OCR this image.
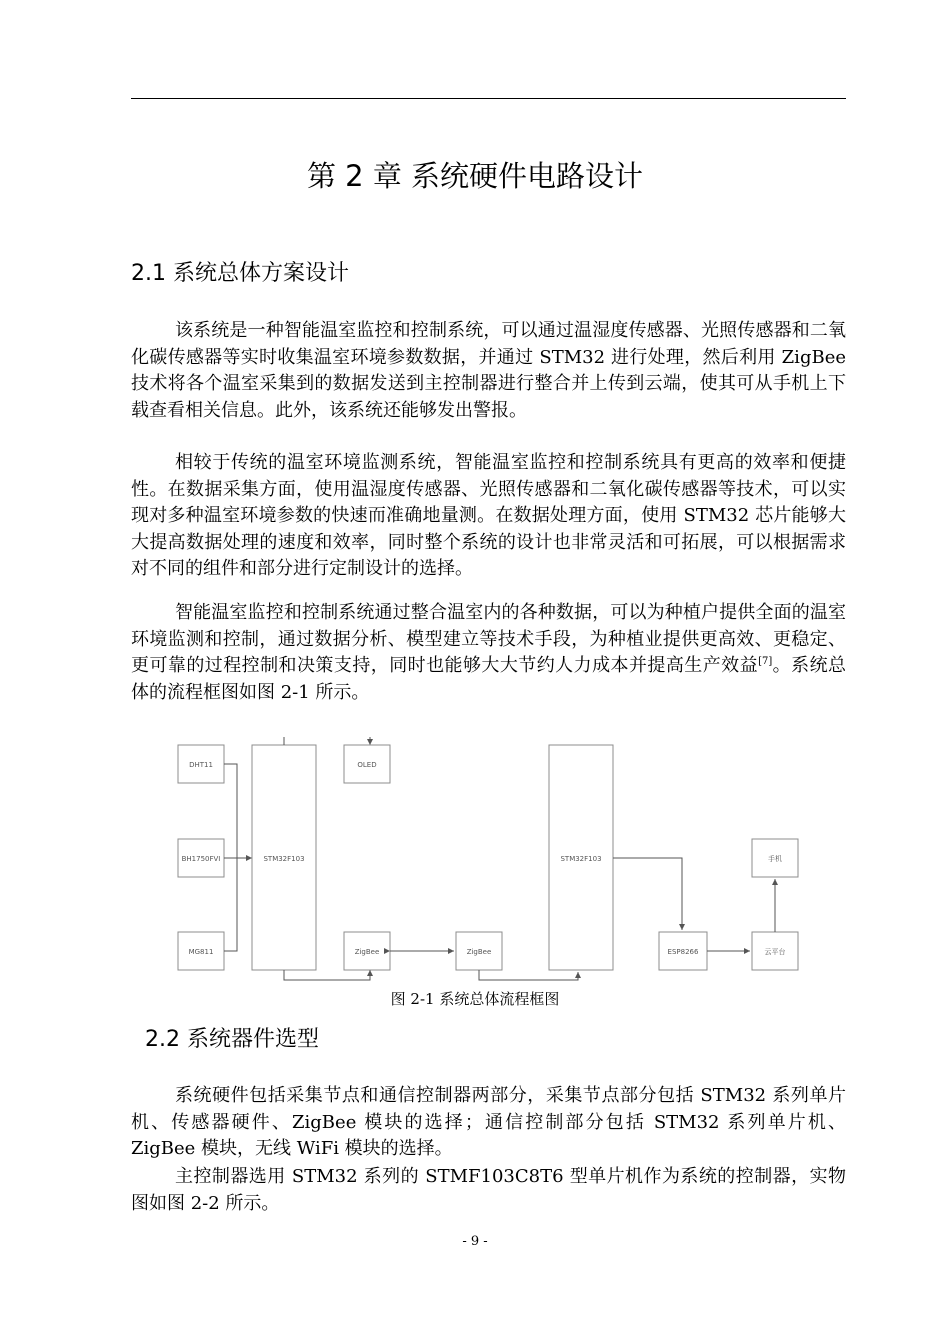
第 2 章 系统硬件电路设计
2.1 系统总体方案设计

该系统是一种智能温室监控和控制系统，可以通过温湿度传感器、光照传感器和二氧化碳传感器等实时收集温室环境参数数据，并通过 STM32 进行处理，然后利用 ZigBee 技术将各个温室采集到的数据发送到主控制器进行整合并上传到云端，使其可从手机上下载查看相关信息。此外，该系统还能够发出警报。

相较于传统的温室环境监测系统，智能温室监控和控制系统具有更高的效率和便捷性。在数据采集方面，使用温湿度传感器、光照传感器和二氧化碳传感器等技术，可以实现对多种温室环境参数的快速而准确地量测。在数据处理方面，使用 STM32 芯片能够大大提高数据处理的速度和效率，同时整个系统的设计也非常灵活和可拓展，可以根据需求对不同的组件和部分进行定制设计的选择。

智能温室监控和控制系统通过整合温室内的各种数据，可以为种植户提供全面的温室环境监测和控制，通过数据分析、模型建立等技术手段，为种植业提供更高效、更稳定、更可靠的过程控制和决策支持，同时也能够大大节约人力成本并提高生产效益[7]。系统总体的流程框图如图 2-1 所示。

DHT11
BH1750FVI
MG811
STM32F103
OLED
ZigBee	ZigBee
STM32F103
ESP8266	云平台
手机

图 2-1 系统总体流程框图

2.2 系统器件选型

系统硬件包括采集节点和通信控制器两部分，采集节点部分包括 STM32 系列单片机、传感器硬件、ZigBee 模块的选择；通信控制部分包括 STM32 系列单片机、ZigBee 模块，无线 WiFi 模块的选择。

主控制器选用 STM32 系列的 STMF103C8T6 型单片机作为系统的控制器，实物图如图 2-2 所示。

- 9 -
